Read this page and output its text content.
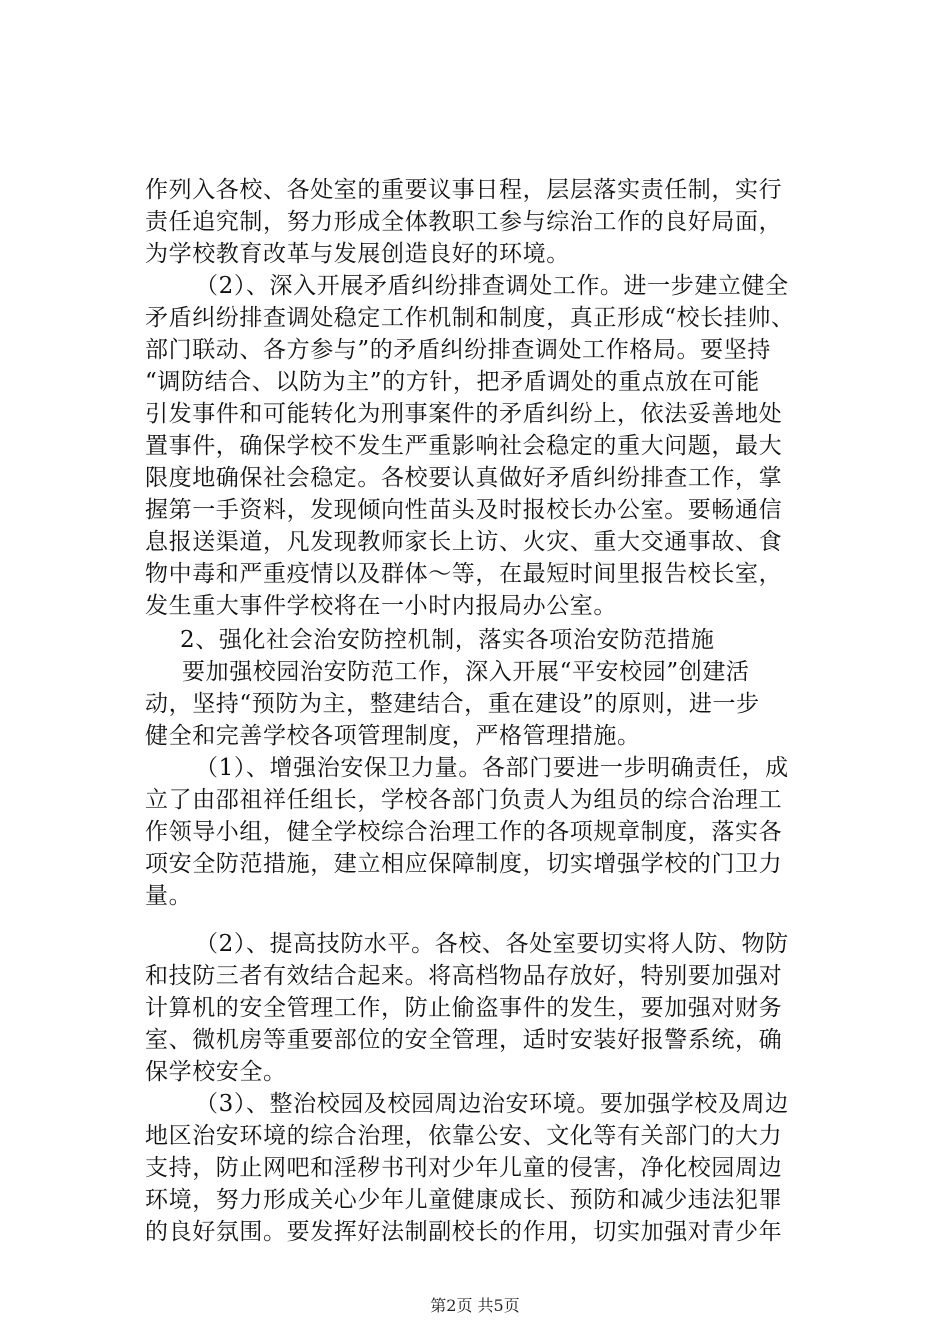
作列入各校、各处室的重要议事日程，层层落实责任制，实行
责任追究制，努力形成全体教职工参与综治工作的良好局面，
为学校教育改革与发展创造良好的环境。
（2）、深入开展矛盾纠纷排查调处工作。进一步建立健全
矛盾纠纷排查调处稳定工作机制和制度，真正形成“校长挂帅、
部门联动、各方参与”的矛盾纠纷排查调处工作格局。要坚持
“调防结合、以防为主”的方针，把矛盾调处的重点放在可能
引发事件和可能转化为刑事案件的矛盾纠纷上，依法妥善地处
置事件，确保学校不发生严重影响社会稳定的重大问题，最大
限度地确保社会稳定。各校要认真做好矛盾纠纷排查工作，掌
握第一手资料，发现倾向性苗头及时报校长办公室。要畅通信
息报送渠道，凡发现教师家长上访、火灾、重大交通事故、食
物中毒和严重疫情以及群体～等，在最短时间里报告校长室，
发生重大事件学校将在一小时内报局办公室。
2、强化社会治安防控机制，落实各项治安防范措施
要加强校园治安防范工作，深入开展“平安校园”创建活
动，坚持“预防为主，整建结合，重在建设”的原则，进一步
健全和完善学校各项管理制度，严格管理措施。
（1）、增强治安保卫力量。各部门要进一步明确责任，成
立了由邵祖祥任组长，学校各部门负责人为组员的综合治理工
作领导小组，健全学校综合治理工作的各项规章制度，落实各
项安全防范措施，建立相应保障制度，切实增强学校的门卫力
量。
（2）、提高技防水平。各校、各处室要切实将人防、物防
和技防三者有效结合起来。将高档物品存放好，特别要加强对
计算机的安全管理工作，防止偷盗事件的发生，要加强对财务
室、微机房等重要部位的安全管理，适时安装好报警系统，确
保学校安全。
（3）、整治校园及校园周边治安环境。要加强学校及周边
地区治安环境的综合治理，依靠公安、文化等有关部门的大力
支持，防止网吧和淫秽书刊对少年儿童的侵害，净化校园周边
环境，努力形成关心少年儿童健康成长、预防和减少违法犯罪
的良好氛围。要发挥好法制副校长的作用，切实加强对青少年
第2页 共5页
